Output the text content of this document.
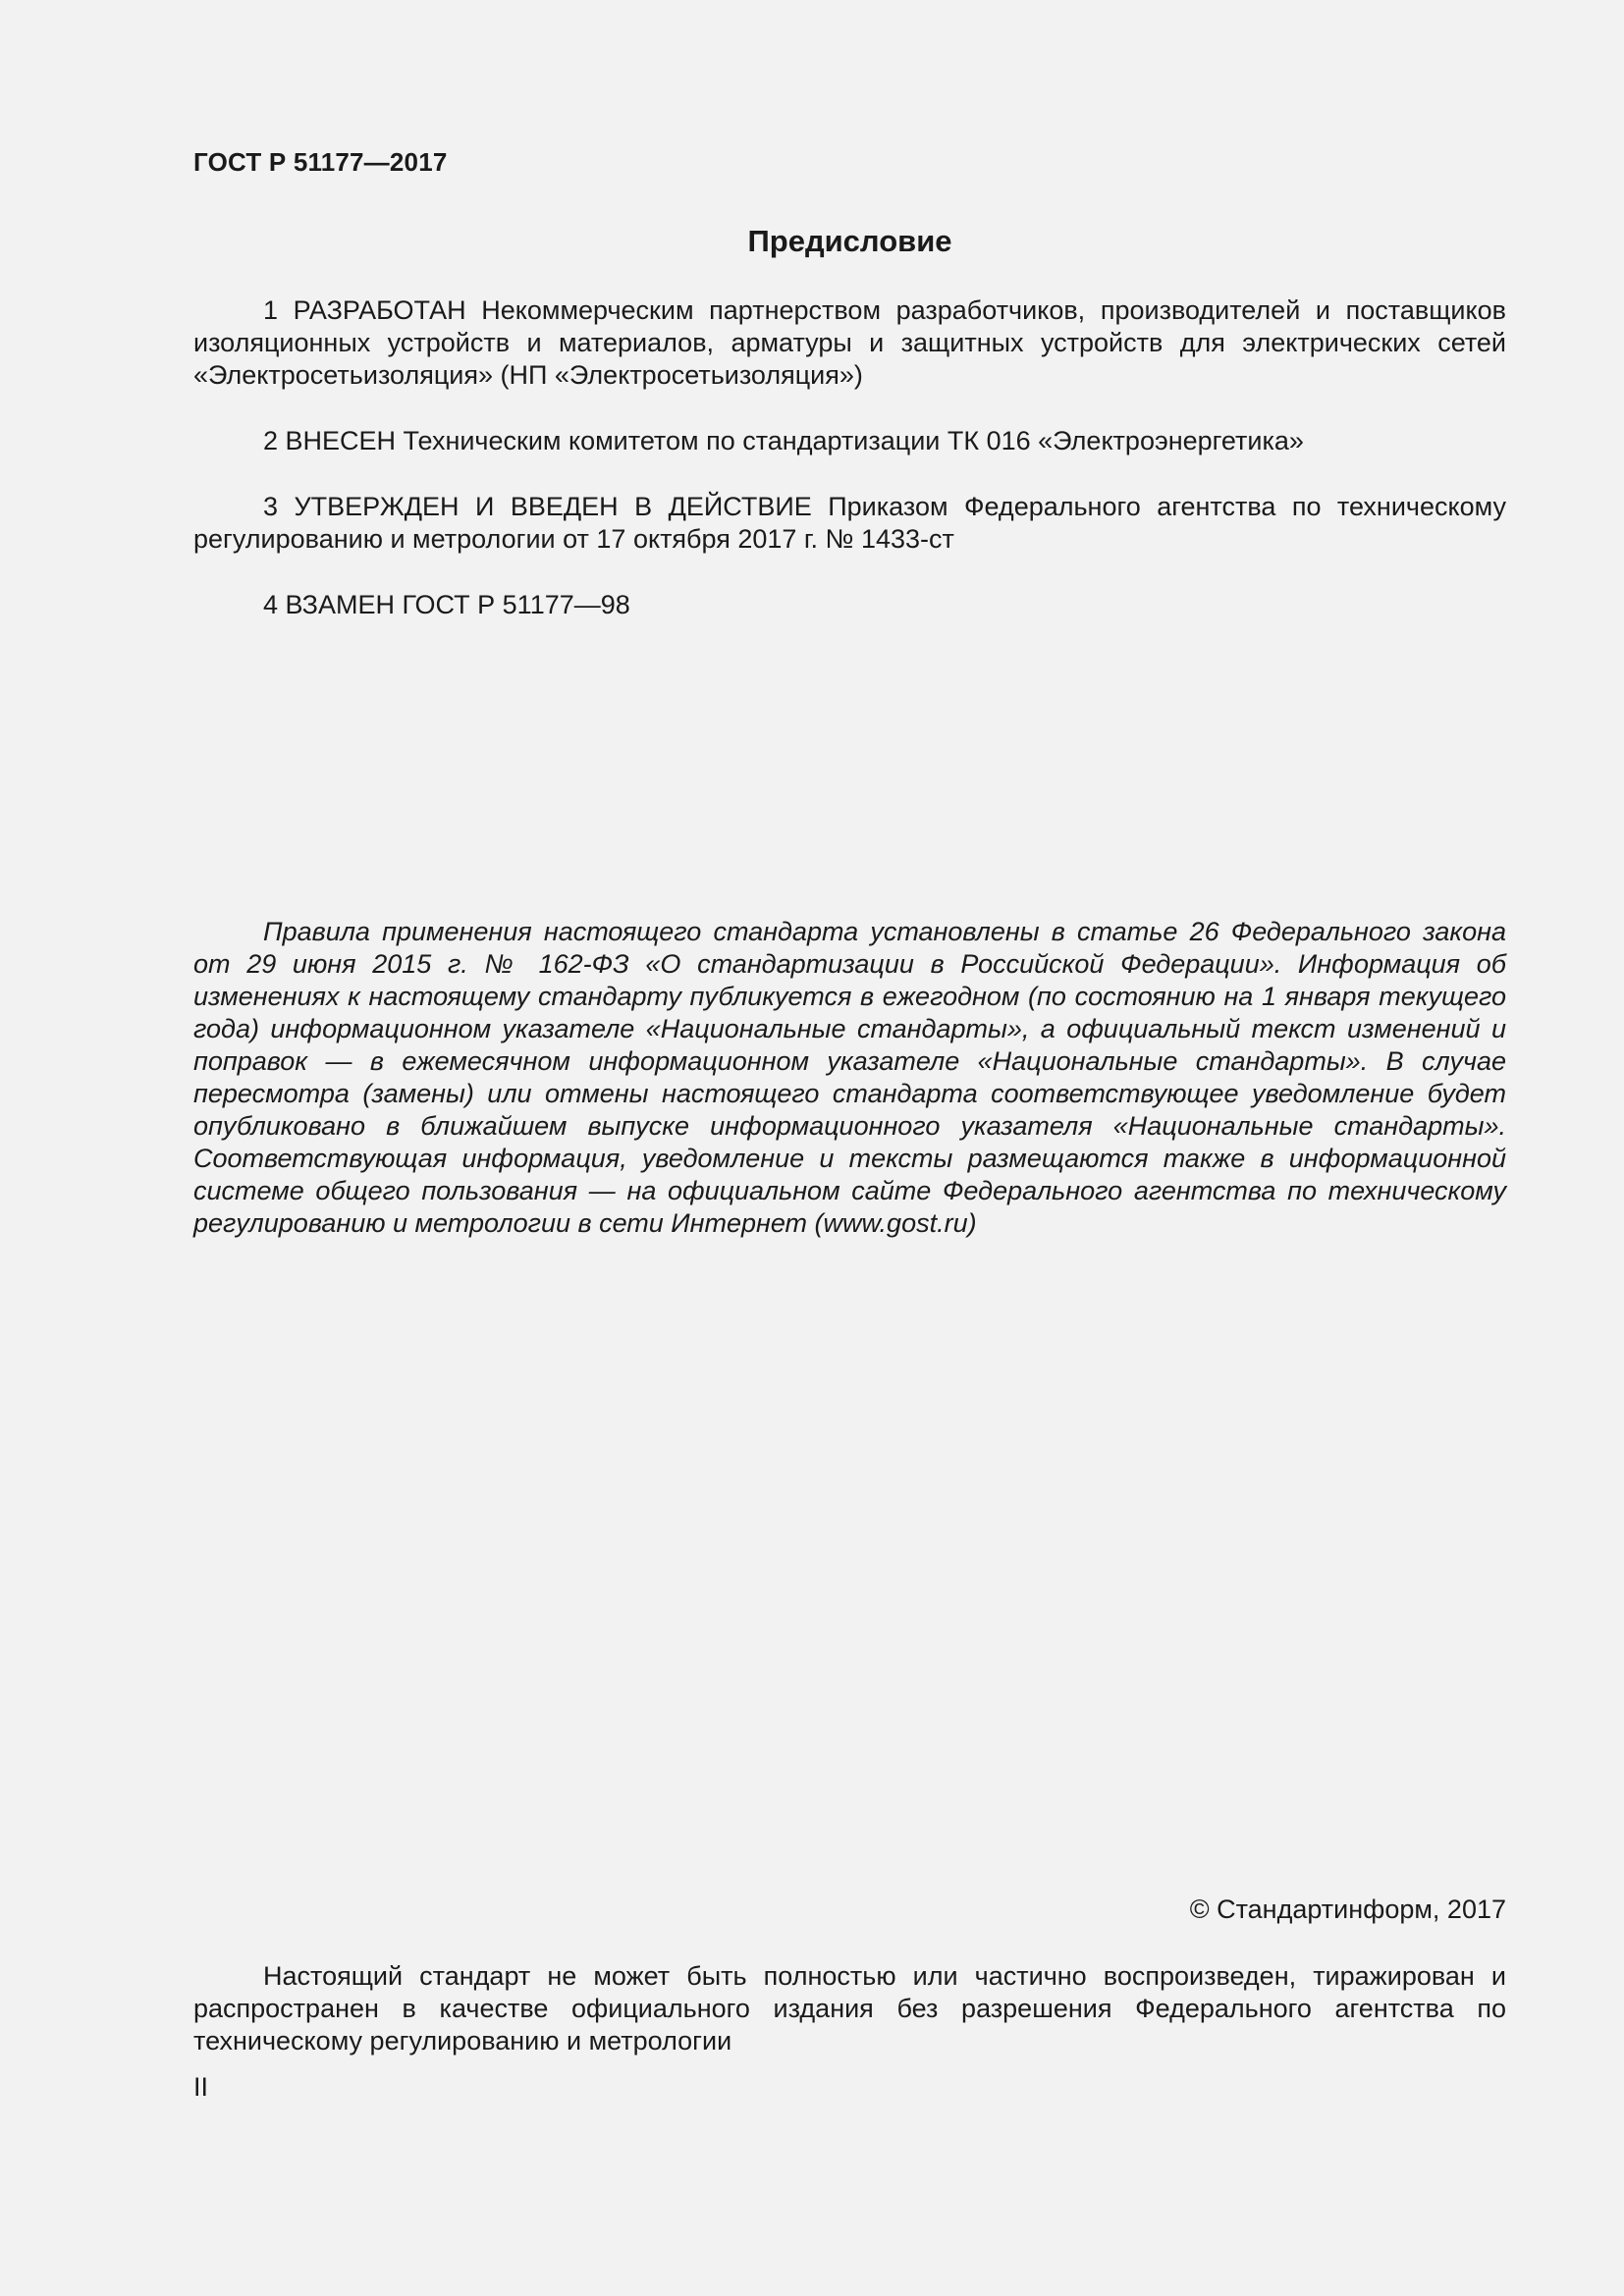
ГОСТ Р 51177—2017
Предисловие

1 РАЗРАБОТАН Некоммерческим партнерством разработчиков, производителей и поставщиков изоляционных устройств и материалов, арматуры и защитных устройств для электрических сетей «Электросетьизоляция» (НП «Электросетьизоляция»)

2 ВНЕСЕН Техническим комитетом по стандартизации ТК 016 «Электроэнергетика»

3 УТВЕРЖДЕН И ВВЕДЕН В ДЕЙСТВИЕ Приказом Федерального агентства по техническому регулированию и метрологии от 17 октября 2017 г. № 1433-ст

4 ВЗАМЕН ГОСТ Р 51177—98

Правила применения настоящего стандарта установлены в статье 26 Федерального закона от 29 июня 2015 г. № 162-ФЗ «О стандартизации в Российской Федерации». Информация об изменениях к настоящему стандарту публикуется в ежегодном (по состоянию на 1 января текущего года) информационном указателе «Национальные стандарты», а официальный текст изменений и поправок — в ежемесячном информационном указателе «Национальные стандарты». В случае пересмотра (замены) или отмены настоящего стандарта соответствующее уведомление будет опубликовано в ближайшем выпуске информационного указателя «Национальные стандарты». Соответствующая информация, уведомление и тексты размещаются также в информационной системе общего пользования — на официальном сайте Федерального агентства по техническому регулированию и метрологии в сети Интернет (www.gost.ru)

© Стандартинформ, 2017

Настоящий стандарт не может быть полностью или частично воспроизведен, тиражирован и распространен в качестве официального издания без разрешения Федерального агентства по техническому регулированию и метрологии

II
